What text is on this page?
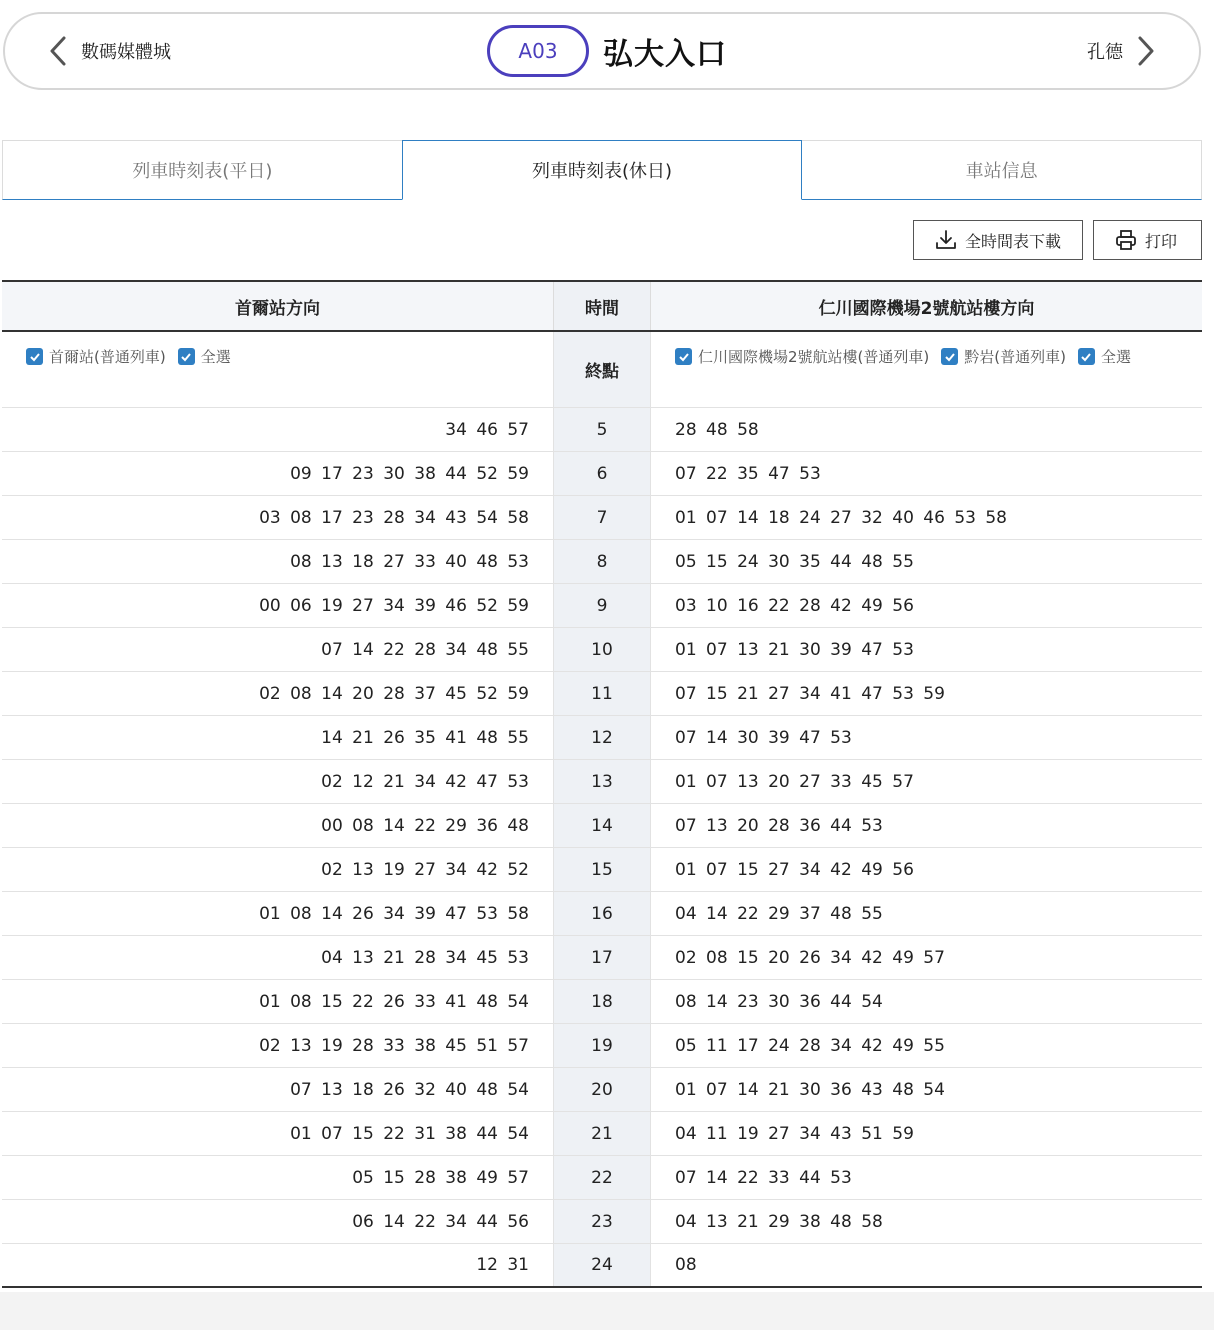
數碼媒體城	A03	弘大入口	孔德
列車時刻表(平日)	列車時刻表(休日)	車站信息
全時間表下載	打印
首爾站方向	時間	仁川國際機場2號航站樓方向
首爾站(普通列車) 全選
終點
仁川國際機場2號航站樓(普通列車) 黔岩(普通列車) 全選
34 46 57	5	28 48 58
09 17 23 30 38 44 52 59	6	07 22 35 47 53
03 08 17 23 28 34 43 54 58	7	01 07 14 18 24 27 32 40 46 53 58
08 13 18 27 33 40 48 53	8	05 15 24 30 35 44 48 55
00 06 19 27 34 39 46 52 59	9	03 10 16 22 28 42 49 56
07 14 22 28 34 48 55	10	01 07 13 21 30 39 47 53
02 08 14 20 28 37 45 52 59	11	07 15 21 27 34 41 47 53 59
14 21 26 35 41 48 55	12	07 14 30 39 47 53
02 12 21 34 42 47 53	13	01 07 13 20 27 33 45 57
00 08 14 22 29 36 48	14	07 13 20 28 36 44 53
02 13 19 27 34 42 52	15	01 07 15 27 34 42 49 56
01 08 14 26 34 39 47 53 58	16	04 14 22 29 37 48 55
04 13 21 28 34 45 53	17	02 08 15 20 26 34 42 49 57
01 08 15 22 26 33 41 48 54	18	08 14 23 30 36 44 54
02 13 19 28 33 38 45 51 57	19	05 11 17 24 28 34 42 49 55
07 13 18 26 32 40 48 54	20	01 07 14 21 30 36 43 48 54
01 07 15 22 31 38 44 54	21	04 11 19 27 34 43 51 59
05 15 28 38 49 57	22	07 14 22 33 44 53
06 14 22 34 44 56	23	04 13 21 29 38 48 58
12 31	24	08
